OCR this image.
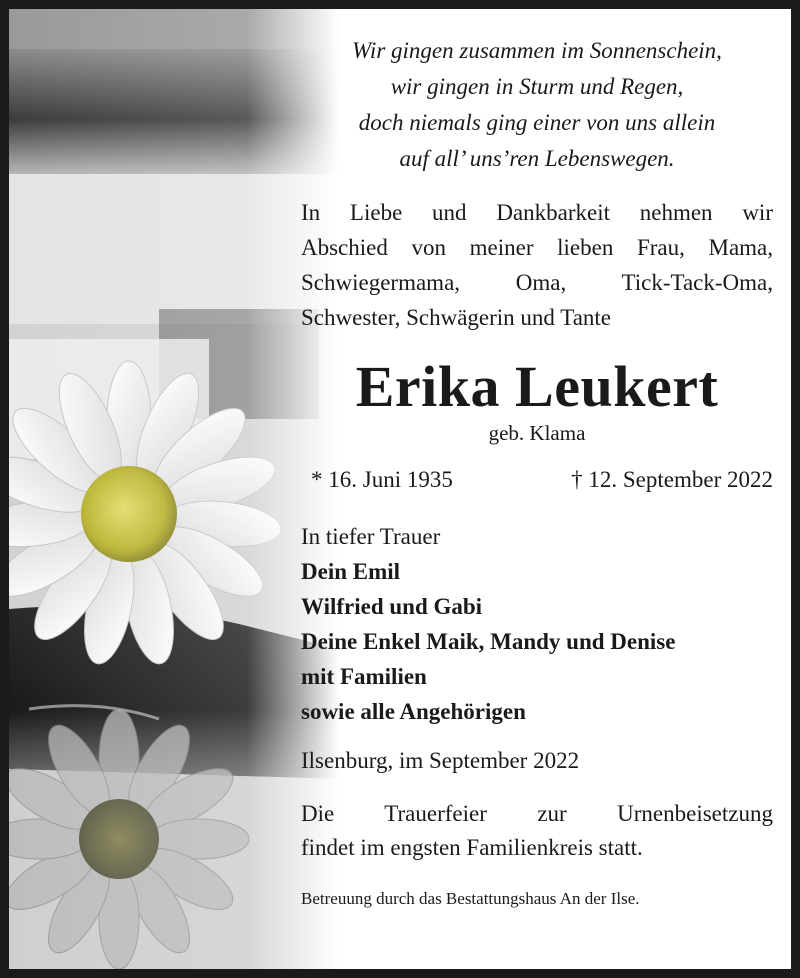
Wir gingen zusammen im Sonnenschein,
wir gingen in Sturm und Regen,
doch niemals ging einer von uns allein
auf all’ uns’ren Lebenswegen.

In Liebe und Dankbarkeit nehmen wir
Abschied von meiner lieben Frau, Mama,
Schwiegermama, Oma, Tick-Tack-Oma,
Schwester, Schwägerin und Tante
Erika Leukert
geb. Klama
* 16. Juni 1935	† 12. September 2022
In tiefer Trauer
Dein Emil
Wilfried und Gabi
Deine Enkel Maik, Mandy und Denise
mit Familien
sowie alle Angehörigen
Ilsenburg, im September 2022
Die Trauerfeier zur Urnenbeisetzung
findet im engsten Familienkreis statt.
Betreuung durch das Bestattungshaus An der Ilse.
